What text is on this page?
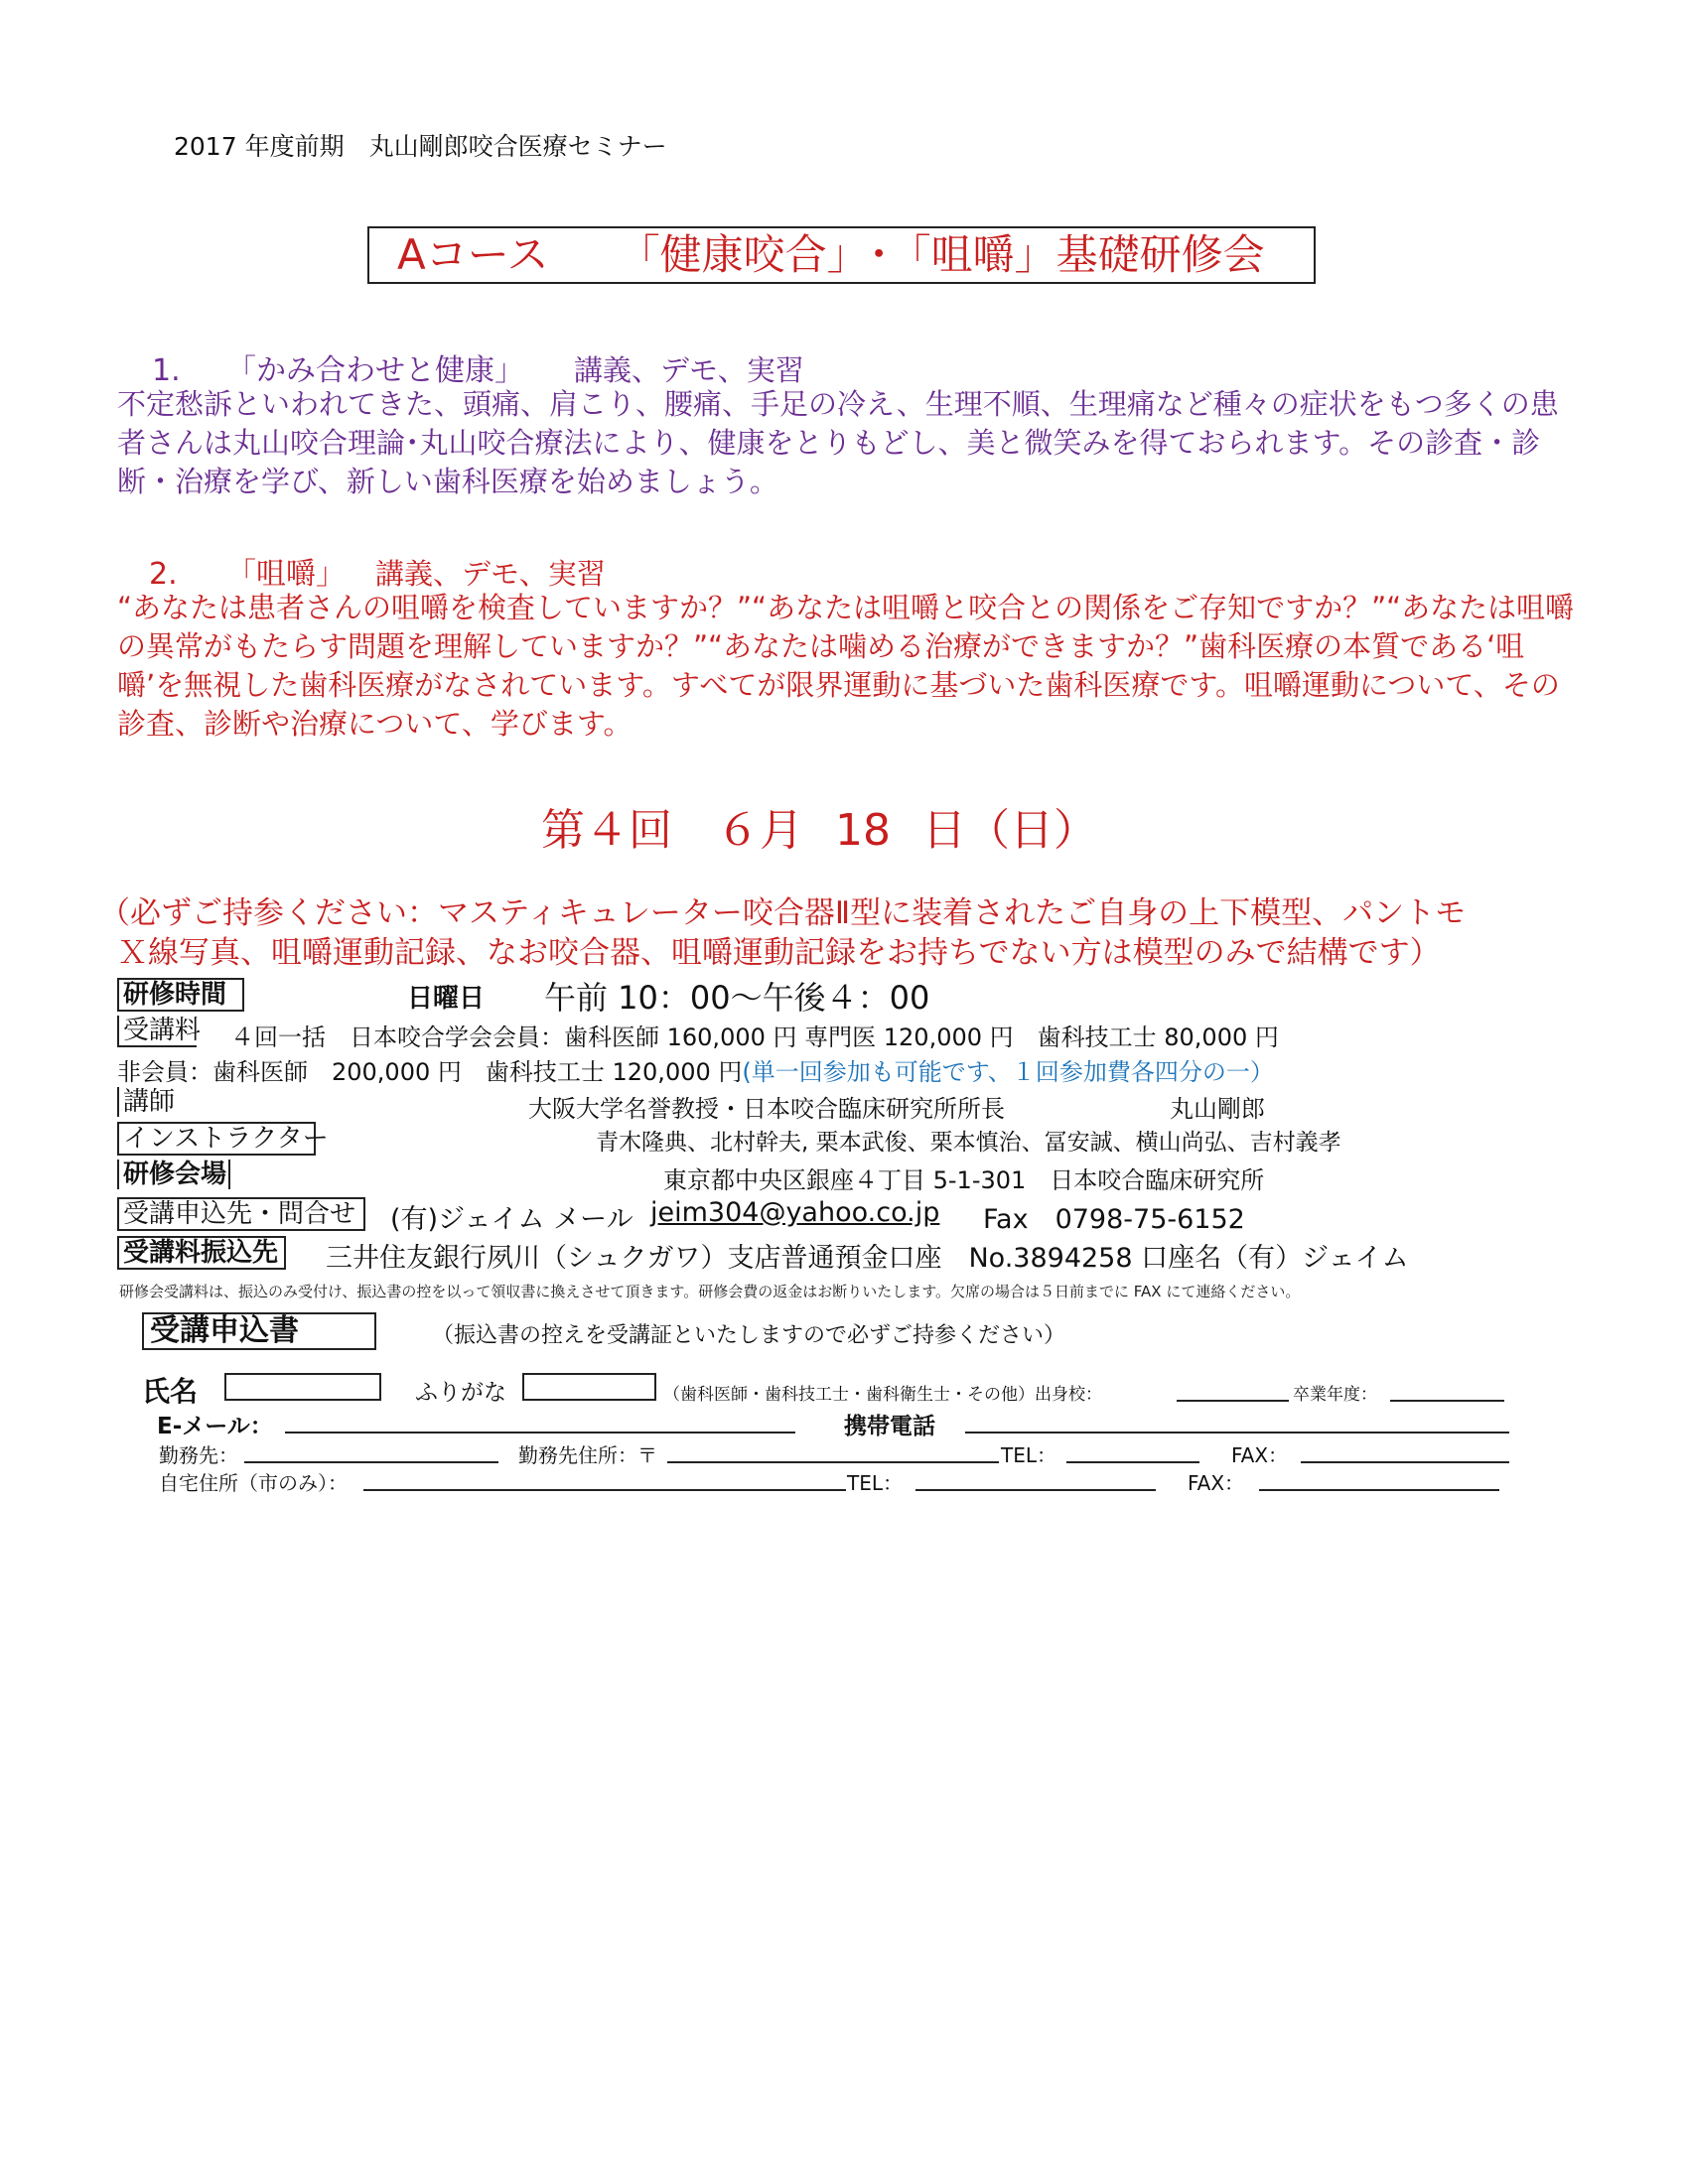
2017 年度前期　丸山剛郎咬合医療セミナー
Aコース 「健康咬合」･「咀嚼」基礎研修会
1. 「かみ合わせと健康」 講義、デモ、実習
不定愁訴といわれてきた、頭痛、肩こり、腰痛、手足の冷え、生理不順、生理痛など種々の症状をもつ多くの患者さんは丸山咬合理論･丸山咬合療法により、健康をとりもどし、美と微笑みを得ておられます。その診査・診断・治療を学び、新しい歯科医療を始めましょう。
2. 「咀嚼」 講義、デモ、実習
“あなたは患者さんの咀嚼を検査していますか？”“あなたは咀嚼と咬合との関係をご存知ですか？”“あなたは咀嚼の異常がもたらす問題を理解していますか？”“あなたは噛める治療ができますか？”歯科医療の本質である‘咀嚼’を無視した歯科医療がなされています。すべてが限界運動に基づいた歯科医療です。咀嚼運動について、その診査、診断や治療について、学びます。
第４回　６月 18 日（日）
（必ずご持参ください：マスティキュレーター咬合器Ⅱ型に装着されたご自身の上下模型、パントモ
Ｘ線写真、咀嚼運動記録、なお咬合器、咀嚼運動記録をお持ちでない方は模型のみで結構です）
研修時間	日曜日 午前 10：00～午後４：00
受講料 ４回一括　日本咬合学会会員：歯科医師 160,000 円 専門医 120,000 円　歯科技工士 80,000 円
非会員：歯科医師　200,000 円　歯科技工士 120,000 円(単一回参加も可能です、１回参加費各四分の一）
講師	大阪大学名誉教授・日本咬合臨床研究所所長	丸山剛郎
インストラクター	青木隆典、北村幹夫, 栗本武俊、栗本慎治、冨安誠、横山尚弘、吉村義孝
研修会場	東京都中央区銀座４丁目 5-1-301　日本咬合臨床研究所
受講申込先・問合せ	(有)ジェイム メール jeim304@yahoo.co.jp Fax　0798-75-6152
受講料振込先 三井住友銀行夙川（シュクガワ）支店普通預金口座　No.3894258 口座名（有）ジェイム
研修会受講料は、振込のみ受付け、振込書の控を以って領収書に換えさせて頂きます。研修会費の返金はお断りいたします。欠席の場合は５日前までに FAX にて連絡ください。
受講申込書	（振込書の控えを受講証といたしますので必ずご持参ください）
氏名	ふりがな	（歯科医師・歯科技工士・歯科衛生士・その他）出身校：	卒業年度：
E-メール：	携帯電話
勤務先：	勤務先住所：〒	TEL：	FAX：
自宅住所（市のみ）：	TEL：	FAX：
